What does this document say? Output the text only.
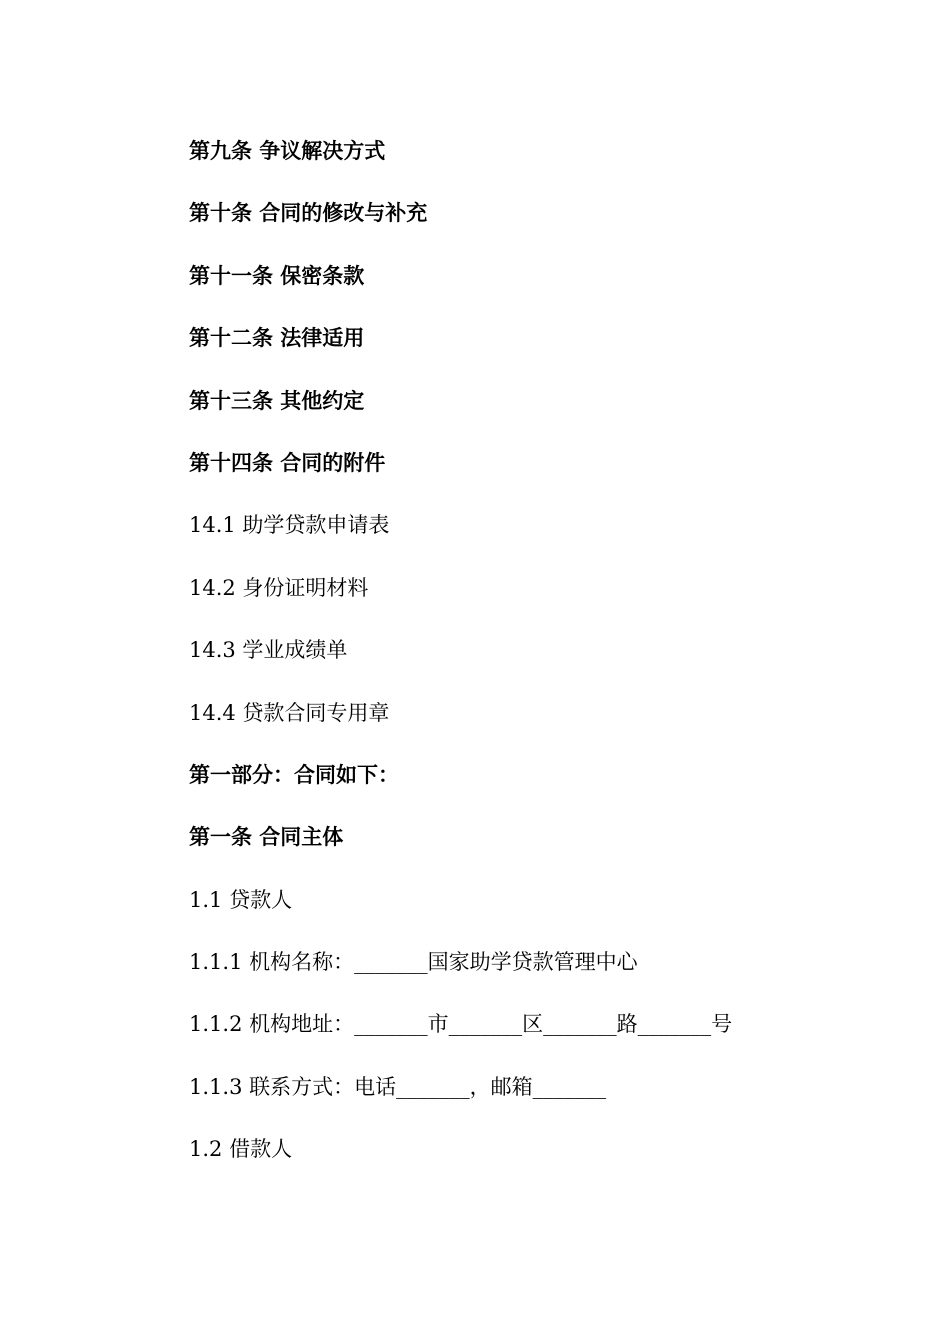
第九条 争议解决方式
第十条 合同的修改与补充
第十一条 保密条款
第十二条 法律适用
第十三条 其他约定
第十四条 合同的附件
14.1 助学贷款申请表
14.2 身份证明材料
14.3 学业成绩单
14.4 贷款合同专用章
第一部分：合同如下：
第一条 合同主体
1.1 贷款人
1.1.1 机构名称：_______国家助学贷款管理中心
1.1.2 机构地址：_______市_______区_______路_______号
1.1.3 联系方式：电话_______，邮箱_______
1.2 借款人
